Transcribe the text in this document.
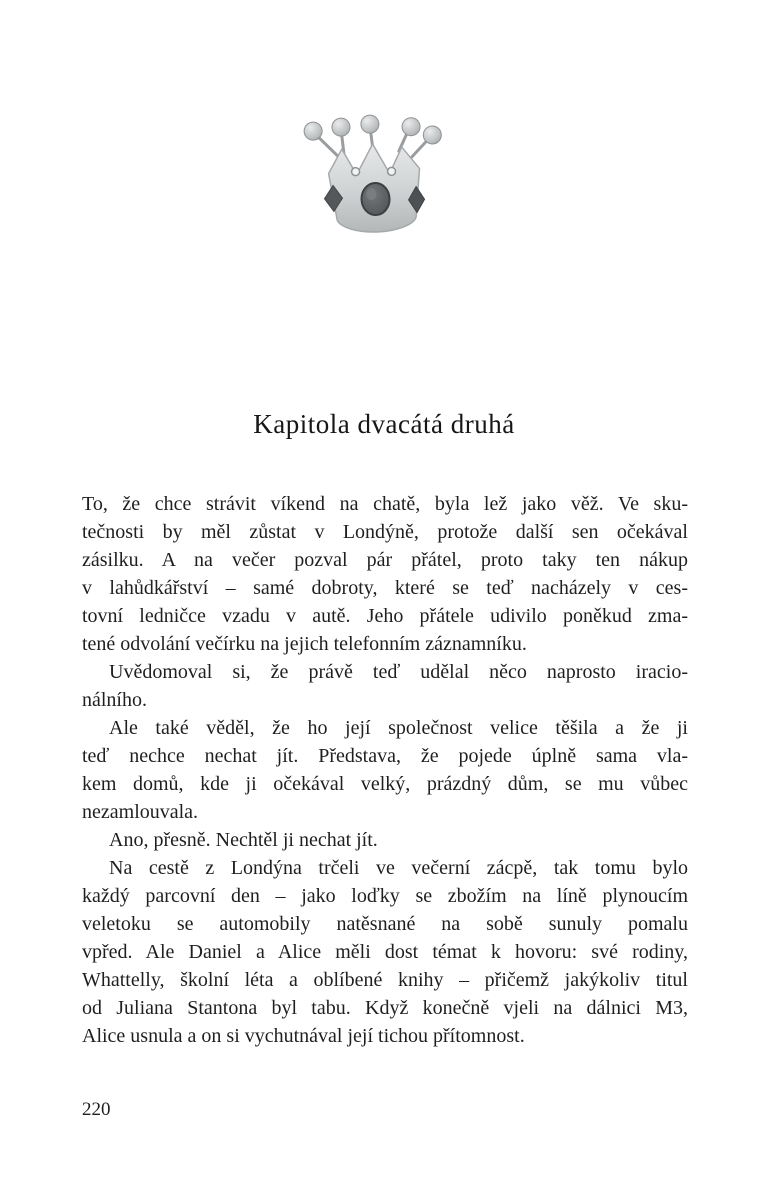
Kapitola dvacátá druhá
To, že chce strávit víkend na chatě, byla lež jako věž. Ve sku-
tečnosti by měl zůstat v Londýně, protože další sen očekával
zásilku. A na večer pozval pár přátel, proto taky ten nákup
v lahůdkářství – samé dobroty, které se teď nacházely v ces-
tovní ledničce vzadu v autě. Jeho přátele udivilo poněkud zma-
tené odvolání večírku na jejich telefonním záznamníku.
Uvědomoval si, že právě teď udělal něco naprosto iracio-
nálního.
Ale také věděl, že ho její společnost velice těšila a že ji
teď nechce nechat jít. Představa, že pojede úplně sama vla-
kem domů, kde ji očekával velký, prázdný dům, se mu vůbec
nezamlouvala.
Ano, přesně. Nechtěl ji nechat jít.
Na cestě z Londýna trčeli ve večerní zácpě, tak tomu bylo
každý parcovní den – jako loďky se zbožím na líně plynoucím
veletoku se automobily natěsnané na sobě sunuly pomalu
vpřed. Ale Daniel a Alice měli dost témat k hovoru: své rodiny,
Whattelly, školní léta a oblíbené knihy – přičemž jakýkoliv titul
od Juliana Stantona byl tabu. Když konečně vjeli na dálnici M3,
Alice usnula a on si vychutnával její tichou přítomnost.
220
